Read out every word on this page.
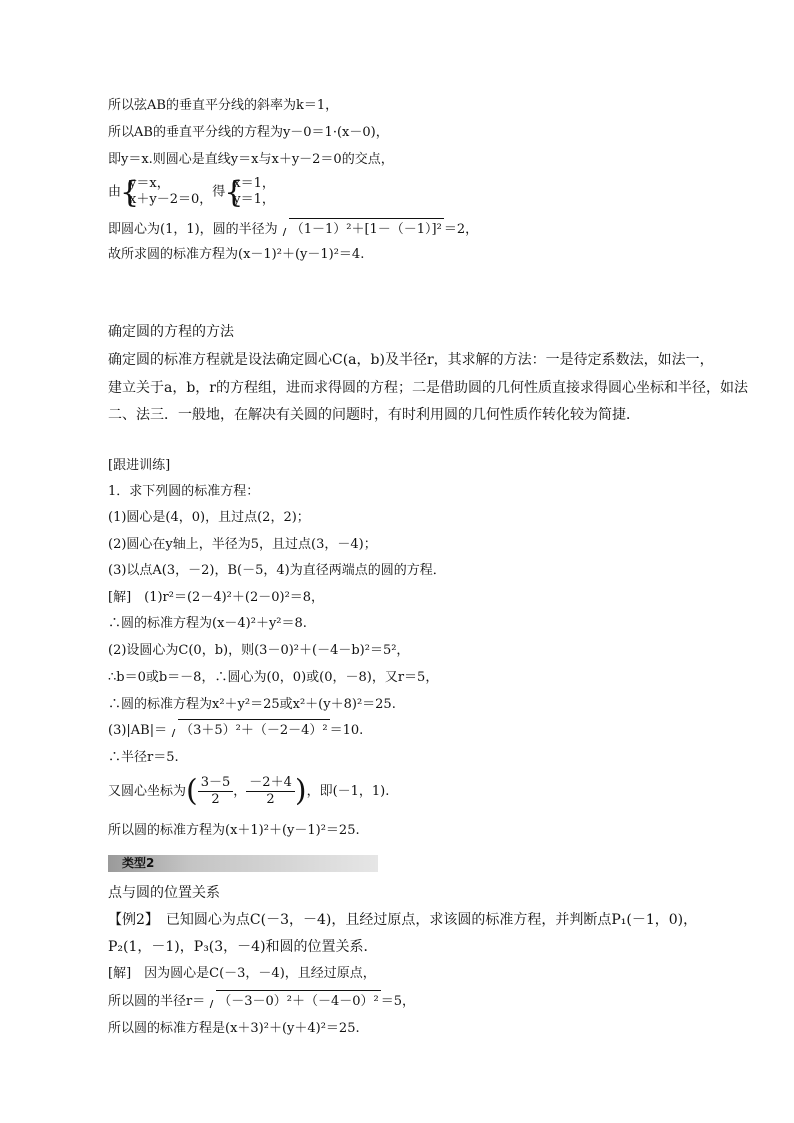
所以弦AB的垂直平分线的斜率为k＝1，
所以AB的垂直平分线的方程为y－0＝1·(x－0)，
即y＝x.则圆心是直线y＝x与x＋y－2＝0的交点，
由
{ y＝x，
x＋y－2＝0， 得
{ x＝1，
y＝1，
即圆心为(1，1)，圆的半径为 （1－1）²＋[1－（－1）]² ＝2，
故所求圆的标准方程为(x－1)²＋(y－1)²＝4.
确定圆的方程的方法
确定圆的标准方程就是设法确定圆心C(a，b)及半径r，其求解的方法：一是待定系数法，如法一，
建立关于a，b，r的方程组，进而求得圆的方程；二是借助圆的几何性质直接求得圆心坐标和半径，如法
二、法三．一般地，在解决有关圆的问题时，有时利用圆的几何性质作转化较为简捷．
[跟进训练]
1．求下列圆的标准方程：
(1)圆心是(4，0)，且过点(2，2)；
(2)圆心在y轴上，半径为5，且过点(3，－4)；
(3)以点A(3，－2)，B(－5，4)为直径两端点的圆的方程．
[解]　(1)r²＝(2－4)²＋(2－0)²＝8，
∴圆的标准方程为(x－4)²＋y²＝8.
(2)设圆心为C(0，b)，则(3－0)²＋(－4－b)²＝5²，
∴b＝0或b＝－8，∴圆心为(0，0)或(0，－8)，又r＝5，
∴圆的标准方程为x²＋y²＝25或x²＋(y＋8)²＝25.
(3)|AB|＝ （3＋5）²＋（－2－4）² ＝10.
∴半径r＝5.
又圆心坐标为( $\frac{3-5}{2}$ ， $\frac{-2+4}{2}$ )，即(－1，1).
所以圆的标准方程为(x＋1)²＋(y－1)²＝25.
类型2
点与圆的位置关系
【例2】　已知圆心为点C(－3，－4)，且经过原点，求该圆的标准方程，并判断点P₁(－1，0)，
P₂(1，－1)，P₃(3，－4)和圆的位置关系．
[解]　因为圆心是C(－3，－4)，且经过原点，
所以圆的半径r＝ （－3－0）²＋（－4－0）² ＝5，
所以圆的标准方程是(x＋3)²＋(y＋4)²＝25.
